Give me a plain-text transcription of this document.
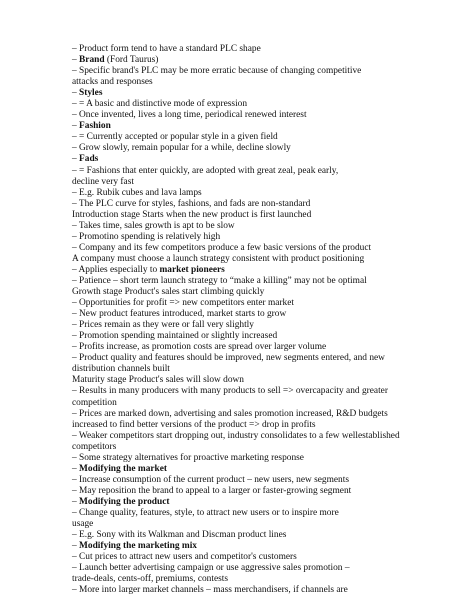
– Product form tend to have a standard PLC shape
– Brand (Ford Taurus)
– Specific brand's PLC may be more erratic because of changing competitive
attacks and responses
– Styles
– = A basic and distinctive mode of expression
– Once invented, lives a long time, periodical renewed interest
– Fashion
– = Currently accepted or popular style in a given field
– Grow slowly, remain popular for a while, decline slowly
– Fads
– = Fashions that enter quickly, are adopted with great zeal, peak early,
decline very fast
– E.g. Rubik cubes and lava lamps
– The PLC curve for styles, fashions, and fads are non-standard
Introduction stage Starts when the new product is first launched
– Takes time, sales growth is apt to be slow
– Promotino spending is relatively high
– Company and its few competitors produce a few basic versions of the product
A company must choose a launch strategy consistent with product positioning
– Applies especially to market pioneers
– Patience – short term launch strategy to “make a killing” may not be optimal
Growth stage Product's sales start climbing quickly
– Opportunities for profit => new competitors enter market
– New product features introduced, market starts to grow
– Prices remain as they were or fall very slightly
– Promotion spending maintained or slightly increased
– Profits increase, as promotion costs are spread over larger volume
– Product quality and features should be improved, new segments entered, and new
distribution channels built
Maturity stage Product's sales will slow down
– Results in many producers with many products to sell => overcapacity and greater
competition
– Prices are marked down, advertising and sales promotion increased, R&D budgets
increased to find better versions of the product => drop in profits
– Weaker competitors start dropping out, industry consolidates to a few wellestablished
competitors
– Some strategy alternatives for proactive marketing response
– Modifying the market
– Increase consumption of the current product – new users, new segments
– May reposition the brand to appeal to a larger or faster-growing segment
– Modifying the product
– Change quality, features, style, to attract new users or to inspire more
usage
– E.g. Sony with its Walkman and Discman product lines
– Modifying the marketing mix
– Cut prices to attract new users and competitor's customers
– Launch better advertising campaign or use aggressive sales promotion –
trade-deals, cents-off, premiums, contests
– More into larger market channels – mass merchandisers, if channels are
